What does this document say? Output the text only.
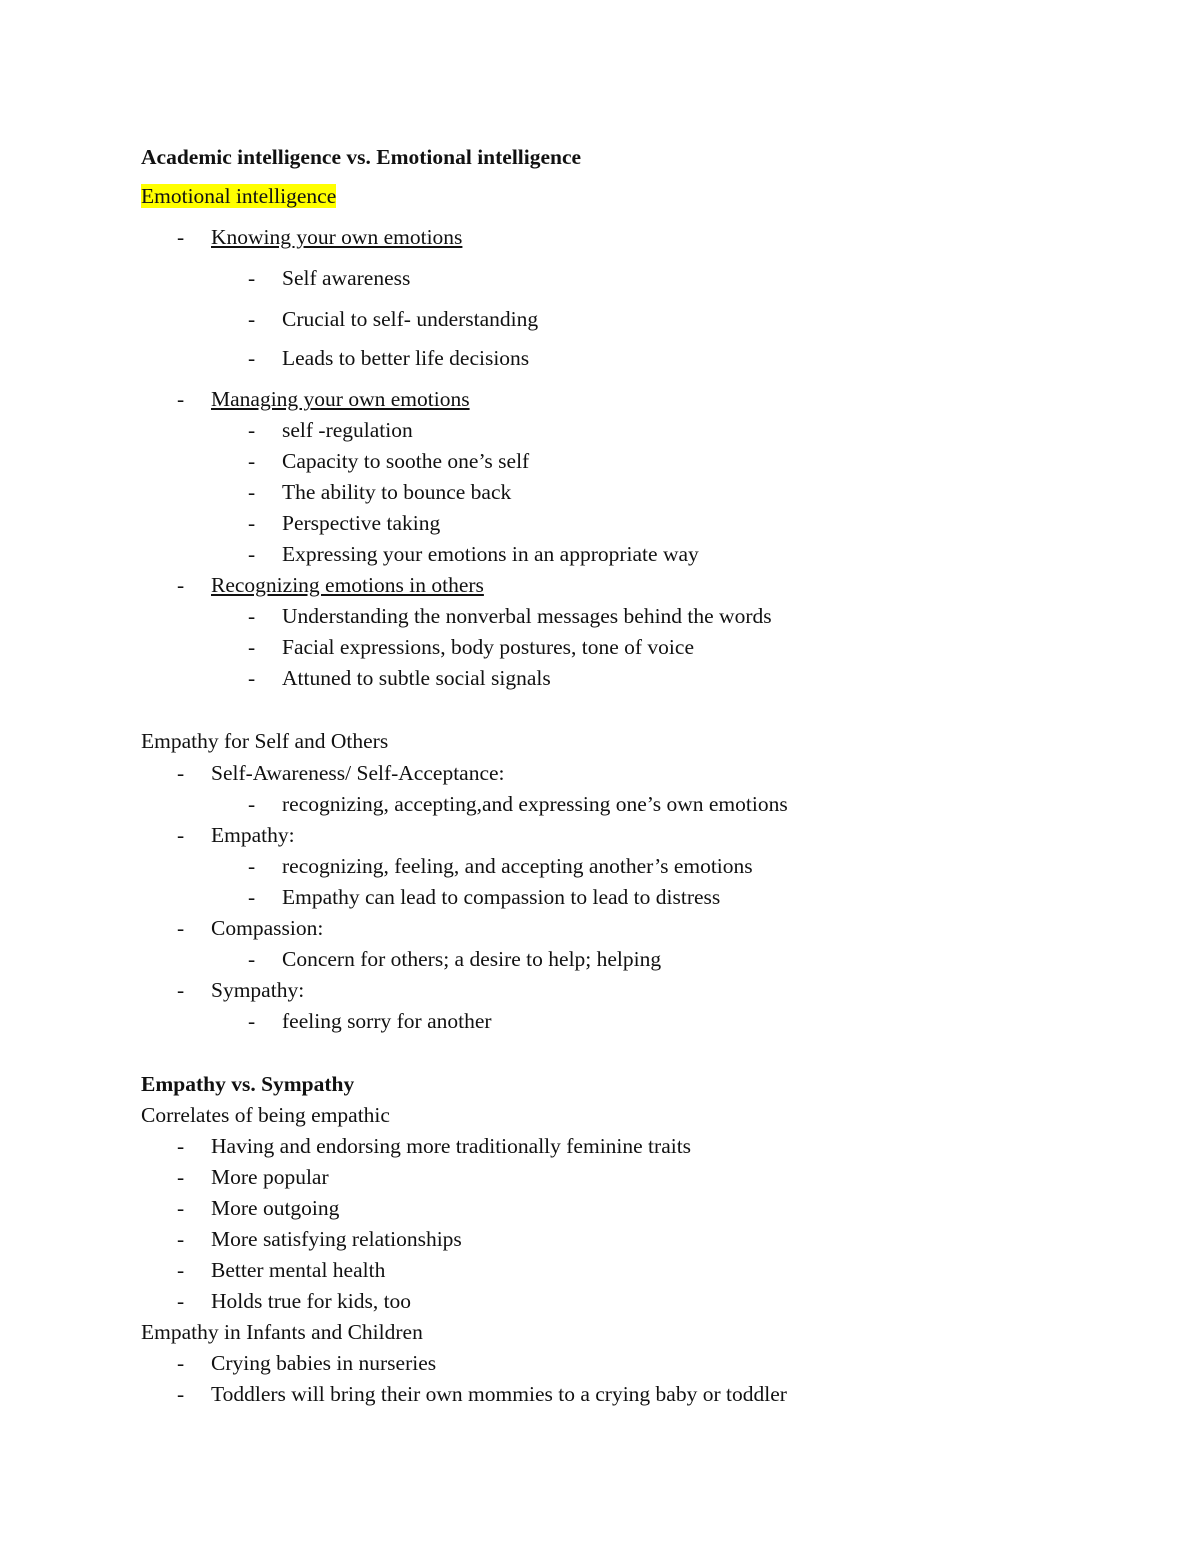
Academic intelligence vs. Emotional intelligence
Emotional intelligence
- Knowing your own emotions
- Self awareness
- Crucial to self- understanding
- Leads to better life decisions
- Managing your own emotions
- self -regulation
- Capacity to soothe one’s self
- The ability to bounce back
- Perspective taking
- Expressing your emotions in an appropriate way
- Recognizing emotions in others
- Understanding the nonverbal messages behind the words
- Facial expressions, body postures, tone of voice
- Attuned to subtle social signals
Empathy for Self and Others
- Self-Awareness/ Self-Acceptance:
- recognizing, accepting,and expressing one’s own emotions
- Empathy:
- recognizing, feeling, and accepting another’s emotions
- Empathy can lead to compassion to lead to distress
- Compassion:
- Concern for others; a desire to help; helping
- Sympathy:
- feeling sorry for another
Empathy vs. Sympathy
Correlates of being empathic
- Having and endorsing more traditionally feminine traits
- More popular
- More outgoing
- More satisfying relationships
- Better mental health
- Holds true for kids, too
Empathy in Infants and Children
- Crying babies in nurseries
- Toddlers will bring their own mommies to a crying baby or toddler
